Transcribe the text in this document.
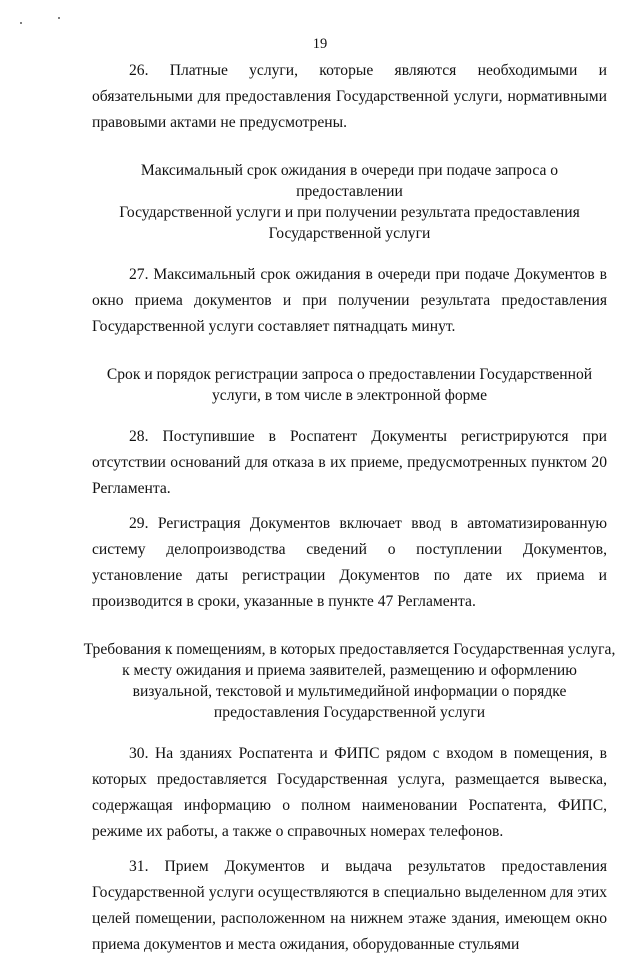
19

26. Платные услуги, которые являются необходимыми и обязательными для предоставления Государственной услуги, нормативными правовыми актами не предусмотрены.

Максимальный срок ожидания в очереди при подаче запроса о предоставлении

Государственной услуги и при получении результата предоставления

Государственной услуги

27. Максимальный срок ожидания в очереди при подаче Документов в окно приема документов и при получении результата предоставления Государственной услуги составляет пятнадцать минут.

Срок и порядок регистрации запроса о предоставлении Государственной

услуги, в том числе в электронной форме

28. Поступившие в Роспатент Документы регистрируются при отсутствии оснований для отказа в их приеме, предусмотренных пунктом 20 Регламента.

29. Регистрация Документов включает ввод в автоматизированную систему делопроизводства сведений о поступлении Документов, установление даты регистрации Документов по дате их приема и производится в сроки, указанные в пункте 47 Регламента.

Требования к помещениям, в которых предоставляется Государственная услуга,

к месту ожидания и приема заявителей, размещению и оформлению

визуальной, текстовой и мультимедийной информации о порядке

предоставления Государственной услуги

30. На зданиях Роспатента и ФИПС рядом с входом в помещения, в которых предоставляется Государственная услуга, размещается вывеска, содержащая информацию о полном наименовании Роспатента, ФИПС, режиме их работы, а также о справочных номерах телефонов.

31. Прием Документов и выдача результатов предоставления Государственной услуги осуществляются в специально выделенном для этих целей помещении, расположенном на нижнем этаже здания, имеющем окно приема документов и места ожидания, оборудованные стульями
